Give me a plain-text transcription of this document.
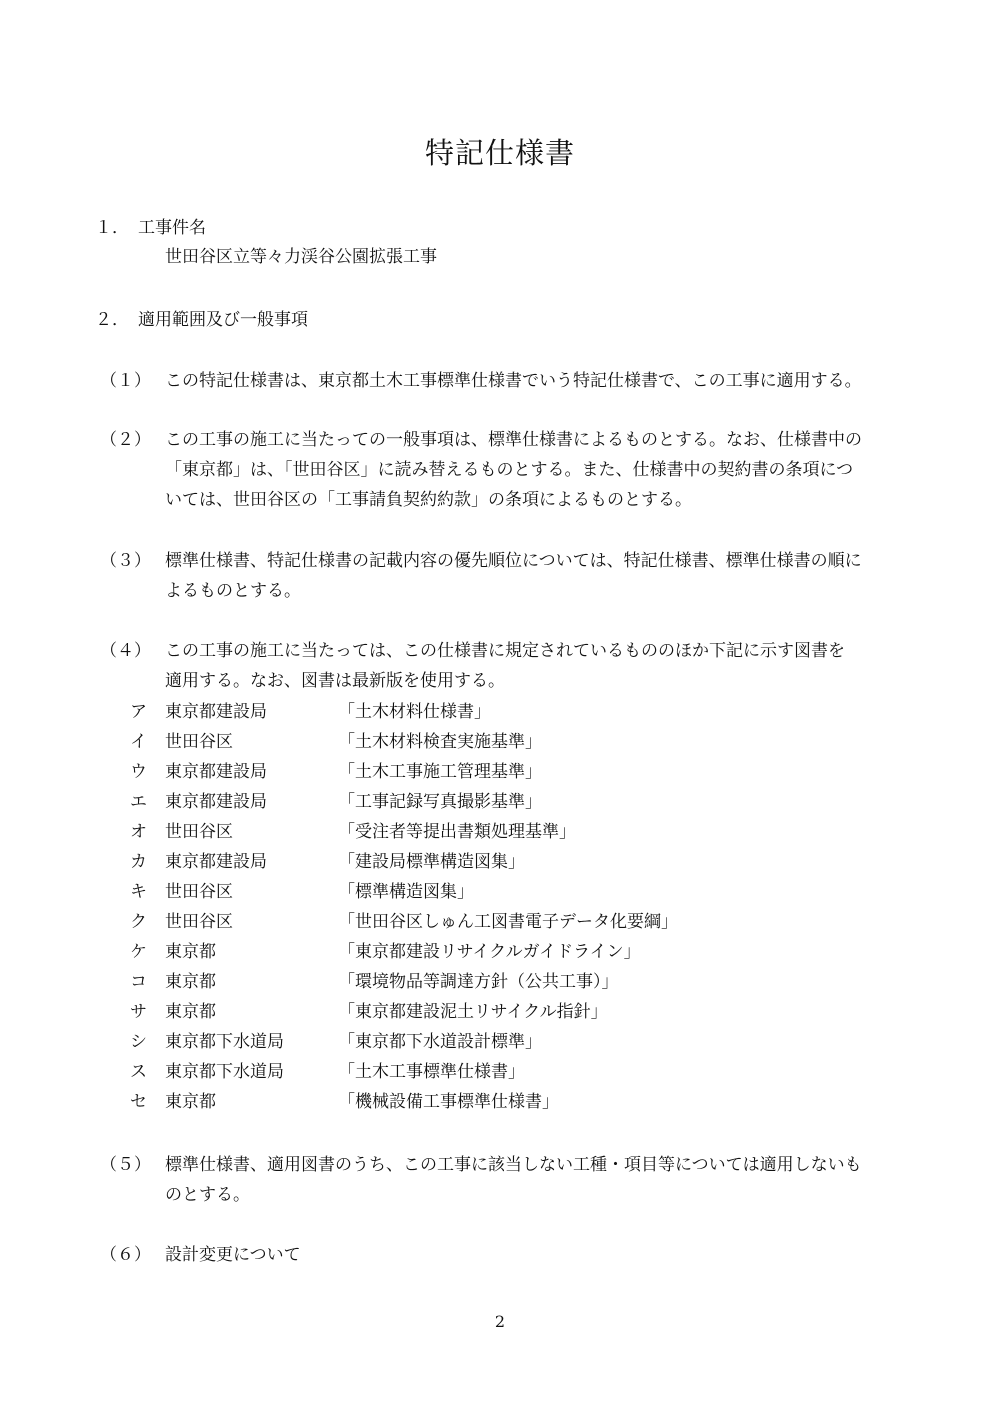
特記仕様書
１． 工事件名
世田谷区立等々力渓谷公園拡張工事
２． 適用範囲及び一般事項
（１） この特記仕様書は、東京都土木工事標準仕様書でいう特記仕様書で、この工事に適用する。
（２） この工事の施工に当たっての一般事項は、標準仕様書によるものとする。なお、仕様書中の
「東京都」は、「世田谷区」に読み替えるものとする。また、仕様書中の契約書の条項につ
いては、世田谷区の「工事請負契約約款」の条項によるものとする。
（３） 標準仕様書、特記仕様書の記載内容の優先順位については、特記仕様書、標準仕様書の順に
よるものとする。
（４） この工事の施工に当たっては、この仕様書に規定されているもののほか下記に示す図書を
適用する。なお、図書は最新版を使用する。
ア 東京都建設局	「土木材料仕様書」
イ 世田谷区	「土木材料検査実施基準」
ウ 東京都建設局	「土木工事施工管理基準」
エ 東京都建設局	「工事記録写真撮影基準」
オ 世田谷区	「受注者等提出書類処理基準」
カ 東京都建設局	「建設局標準構造図集」
キ 世田谷区	「標準構造図集」
ク 世田谷区	「世田谷区しゅん工図書電子データ化要綱」
ケ 東京都	「東京都建設リサイクルガイドライン」
コ 東京都	「環境物品等調達方針（公共工事）」
サ 東京都	「東京都建設泥土リサイクル指針」
シ 東京都下水道局	「東京都下水道設計標準」
ス 東京都下水道局	「土木工事標準仕様書」
セ 東京都	「機械設備工事標準仕様書」
（５） 標準仕様書、適用図書のうち、この工事に該当しない工種・項目等については適用しないも
のとする。
（６） 設計変更について
2
